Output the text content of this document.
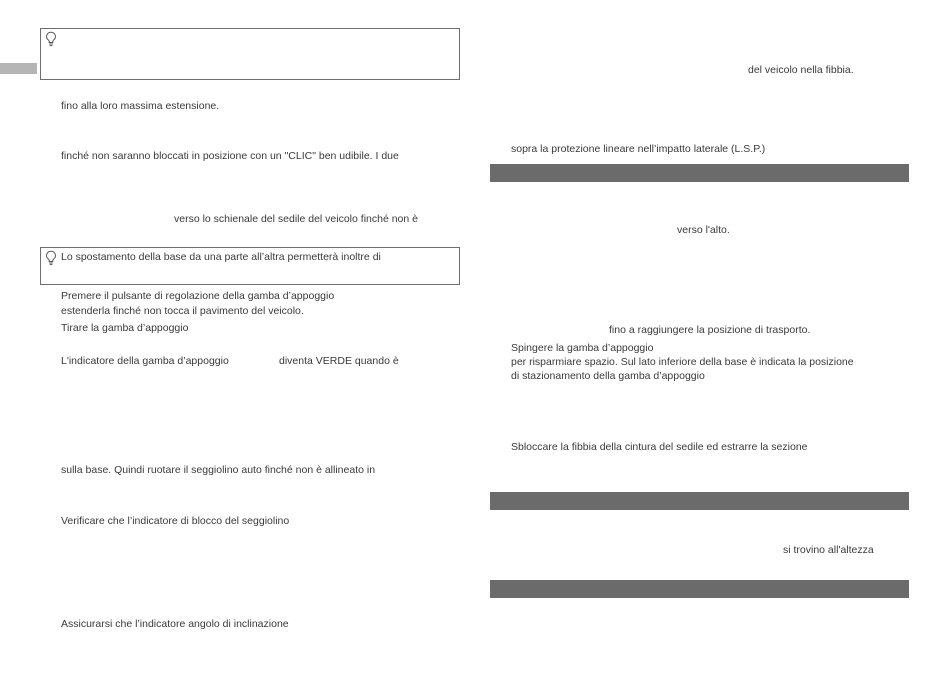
fino alla loro massima estensione.
finché non saranno bloccati in posizione con un "CLIC" ben udibile. I due
verso lo schienale del sedile del veicolo finché non è
Lo spostamento della base da una parte all’altra permetterà inoltre di
Premere il pulsante di regolazione della gamba d’appoggio
estenderla finché non tocca il pavimento del veicolo.
Tirare la gamba d’appoggio
L'indicatore della gamba d’appoggio	diventa VERDE quando è
sulla base. Quindi ruotare il seggiolino auto finché non è allineato in
Verificare che l’indicatore di blocco del seggiolino
Assicurarsi che l’indicatore angolo di inclinazione
del veicolo nella fibbia.
sopra la protezione lineare nell’impatto laterale (L.S.P.)
verso l'alto.
fino a raggiungere la posizione di trasporto.
Spingere la gamba d’appoggio
per risparmiare spazio. Sul lato inferiore della base è indicata la posizione
di stazionamento della gamba d’appoggio
Sbloccare la fibbia della cintura del sedile ed estrarre la sezione
si trovino all'altezza
